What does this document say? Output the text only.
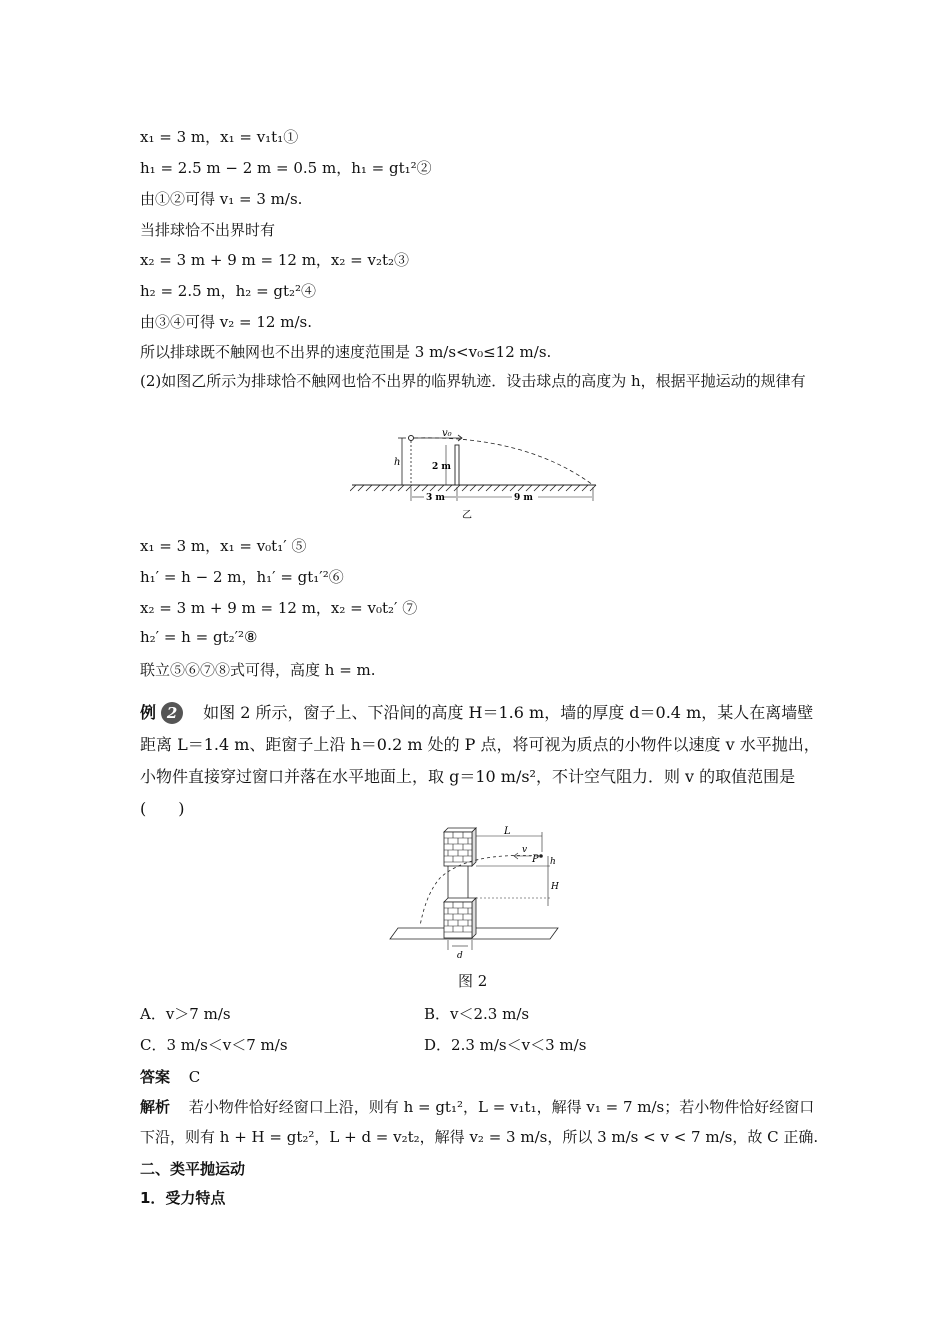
x₁ = 3 m，x₁ = v₁t₁①
h₁ = 2.5 m − 2 m = 0.5 m，h₁ = gt₁²②
由①②可得 v₁ = 3 m/s.
当排球恰不出界时有
x₂ = 3 m + 9 m = 12 m，x₂ = v₂t₂③
h₂ = 2.5 m，h₂ = gt₂²④
由③④可得 v₂ = 12 m/s.
所以排球既不触网也不出界的速度范围是 3 m/s<v₀≤12 m/s.
(2)如图乙所示为排球恰不触网也恰不出界的临界轨迹．设击球点的高度为 h，根据平抛运动的规律有
v₀
h	2 m
3 m	9 m
乙
x₁ = 3 m，x₁ = v₀t₁′ ⑤
h₁′ = h − 2 m，h₁′ = gt₁′²⑥
x₂ = 3 m + 9 m = 12 m，x₂ = v₀t₂′ ⑦
h₂′ = h = gt₂′²⑧
联立⑤⑥⑦⑧式可得，高度 h = m.
例 2 如图 2 所示，窗子上、下沿间的高度 H＝1.6 m，墙的厚度 d＝0.4 m，某人在离墙壁距离 L＝1.4 m、距窗子上沿 h＝0.2 m 处的 P 点，将可视为质点的小物件以速度 v 水平抛出，小物件直接穿过窗口并落在水平地面上，取 g＝10 m/s²，不计空气阻力．则 v 的取值范围是(　　)
L
v
P h
H
d
图 2
A．v＞7 m/s	B．v＜2.3 m/s
C．3 m/s＜v＜7 m/s	D．2.3 m/s＜v＜3 m/s
答案 C
解析 若小物件恰好经窗口上沿，则有 h = gt₁²，L = v₁t₁，解得 v₁ = 7 m/s；若小物件恰好经窗口下沿，则有 h + H = gt₂²，L + d = v₂t₂，解得 v₂ = 3 m/s，所以 3 m/s < v < 7 m/s，故 C 正确.
二、类平抛运动
1．受力特点
